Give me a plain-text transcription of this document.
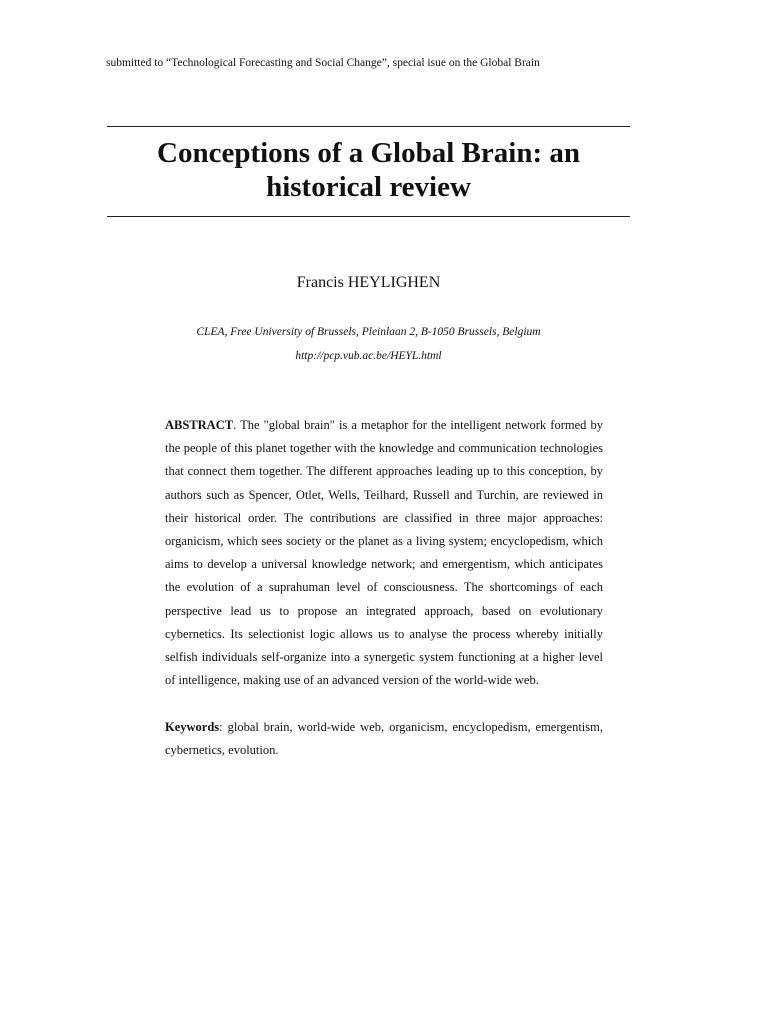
submitted to “Technological Forecasting and Social Change”, special isue on the Global Brain
Conceptions of a Global Brain: an
historical review

Francis HEYLIGHEN

CLEA, Free University of Brussels, Pleinlaan 2, B-1050 Brussels, Belgium

http://pcp.vub.ac.be/HEYL.html

ABSTRACT. The "global brain" is a metaphor for the intelligent network formed by the people of this planet together with the knowledge and communication technologies that connect them together. The different approaches leading up to this conception, by authors such as Spencer, Otlet, Wells, Teilhard, Russell and Turchin, are reviewed in their historical order. The contributions are classified in three major approaches: organicism, which sees society or the planet as a living system; encyclopedism, which aims to develop a universal knowledge network; and emergentism, which anticipates the evolution of a suprahuman level of consciousness. The shortcomings of each perspective lead us to propose an integrated approach, based on evolutionary cybernetics. Its selectionist logic allows us to analyse the process whereby initially selfish individuals self-organize into a synergetic system functioning at a higher level of intelligence, making use of an advanced version of the world-wide web.

Keywords: global brain, world-wide web, organicism, encyclopedism, emergentism, cybernetics, evolution.
